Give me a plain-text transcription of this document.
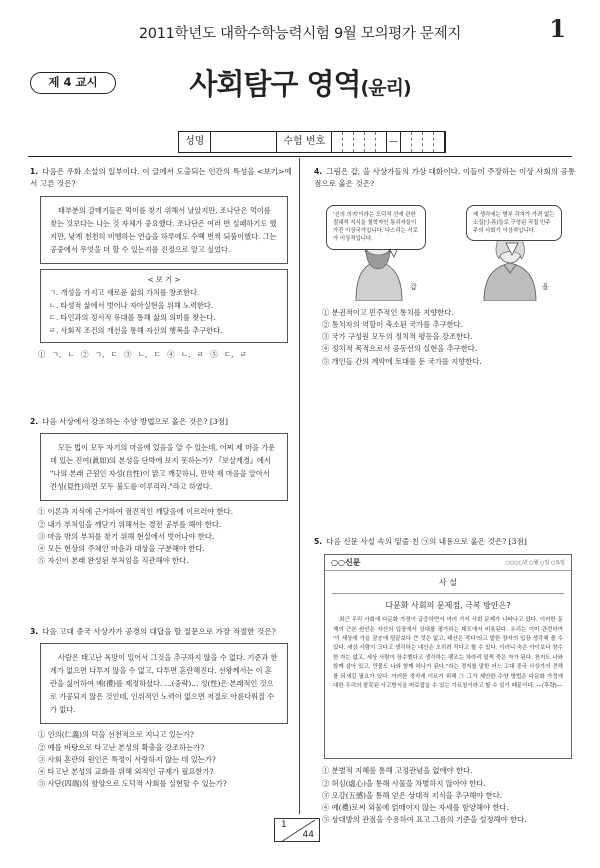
2011학년도 대학수학능력시험 9월 모의평가 문제지	1
제 4 교시	사회탐구 영역(윤리)
성명	수험 번호	—
1. 다음은 우화 소설의 일부이다. 이 글에서 도출되는 인간의 특성을 <보기>에서 고른 것은?
태부분의 갈매기들은 먹이를 찾기 위해서 날았지만, 조나단은 먹이를 찾는 것보다는 나는 것 자체가 중요했다. 조나단은 여러 번 실패하기도 했지만, 낮게 천천히 비행하는 연습을 하루에도 수백 번씩 되풀이했다. 그는 공중에서 무엇을 더 할 수 있는지를 진정으로 알고 싶었다.
< 보 기 >
ㄱ. 개성을 가지고 새로운 삶의 가치를 창조한다.
ㄴ. 타성적 삶에서 벗어나 자아실현을 위해 노력한다.
ㄷ. 타인과의 정서적 유대를 통해 삶의 의미를 찾는다.
ㄹ. 사회적 조건의 개선을 통해 자신의 행복을 추구한다.
① ㄱ, ㄴ ② ㄱ, ㄷ ③ ㄴ, ㄷ ④ ㄴ, ㄹ ⑤ ㄷ, ㄹ
2. 다음 사상에서 강조하는 수양 방법으로 옳은 것은? [3점]
모든 법이 모두 자기의 마음에 있음을 알 수 있는데, 어찌 제 마음 가운데 있는 진여(眞如)의 본성을 단박에 보지 못하는가? 『보살계경』에서 "나의 본래 근원인 자성(自性)이 맑고 깨끗하니, 만약 제 마음을 알아서 견성(見性)하면 모두 불도를 이루리라."라고 하였다.
① 이론과 지식에 근거하여 점진적인 깨달음에 이르러야 한다.
② 내가 부처임을 깨닫기 위해서는 경전 공부를 해야 한다.
③ 마음 밖의 부처를 찾기 위해 현실에서 벗어나야 한다.
④ 모든 현상의 주체인 마음과 대상을 구분해야 한다.
⑤ 자신이 본래 완성된 부처임을 직관해야 한다.
3. 다음 고대 중국 사상가가 공경의 대답을 할 질문으로 가장 적절한 것은?
사람은 태고난 욕망이 있어서 그것을 추구하지 않을 수 없다. 기준과 한계가 없으면 다투지 않을 수 없고, 다투면 혼란해진다. 선왕께서는 이 혼란을 싫어하여 예(禮)를 제정하셨다. …(중략)… 성(性)은 본래적인 것으로 가공되지 않은 것인데, 인위적인 노력이 없으면 저절로 아름다워질 수가 없다.
① 인의(仁義)의 덕을 선천적으로 지니고 있는가?
② 예를 바탕으로 타고난 본성의 확충을 강조하는가?
③ 사회 혼란의 원인은 특정이 사랑하지 않는 데 있는가?
④ 타고난 본성의 교화를 위해 외적인 규제가 필요한가?
⑤ 사단(四端)의 함양으로 도덕적 사회를 실현할 수 있는가?
4. 그림은 갑, 을 사상가들의 가상 대화이다. 이들이 주장하는 이상 사회의 공통점으로 옳은 것은?
'신의 의지'이라는 도덕적 선에 관한 절대적 지식을 철학자인 통치자들이 가진 이상국가입니다. 다스리는 서로가 이상적입니다.
제 생각에는 범부 각자가 가려 없는 소질(小善)들로 구성된 직접 민주주의 사회가 이상적입니다.
갑	을
① 분권적이고 민주적인 통치를 지향한다.
② 통치자의 역할이 축소된 국가를 추구한다.
③ 국가 구성원 모두의 정치적 평등을 강조한다.
④ 정치적 목적으로서 공동선의 실현을 추구한다.
⑤ 개인들 간의 계약에 토대를 둔 국가를 지향한다.
5. 다음 신문 사설 속의 밑줄 친 ㉠의 내용으로 옳은 것은? [3점]
○○신문	○○○○년 ○월 ○일 ○요일
사 설
다문화 사회의 문제점, 극복 방안은?
최근 우리 사회에 다문화 가정이 급증하면서 여러 가지 사회 문제가 나타나고 있다. 이러한 문제의 근본 원인은 자신의 입장에서 상대를 평가하는 태도에서 비롯된다. 우리는 이미 관련하여 '이 세상에 가을 잠승에 털끝보다 큰 것은 없고, 태산은 작다'라고 말한 장자의 입장 생각해 볼 수 있다. 세상 사람이 크다고 생각하는 대산은 오히려 작다고 할 수 있다. 이러니 숙은 아이보다 장수한 자는 없고, 세상 사람이 장수했다고 생각하는 팽조는 차라리 일찍 죽은 자가 된다. 천지도 나와 함께 살아 있고, 만물도 나와 함께 하나가 된다."라는 경지를 말한 어느 고대 중국 사상가의 견해를 되새길 필요가 있다. 이러한 경지에 이르기 위해 ㉠ 그가 제안한 수양 방법은 다문화 가정에 대한 우리의 잘못된 사고방식을 바로잡을 수 있는 가르침이라고 할 수 있기 때문이다. —(후략)—
① 분별적 지혜를 통해 고정관념을 없애야 한다.
② 허심(虛心)을 통해 사물을 차별하지 않아야 한다.
③ 오감(五感)을 통해 얻은 상대적 지식을 추구해야 한다.
④ 예(禮)로써 외물에 얽매이지 않는 자세를 함양해야 한다.
⑤ 상대방의 관점을 수용하여 표고 그름의 기준을 설정해야 한다.
1
44
